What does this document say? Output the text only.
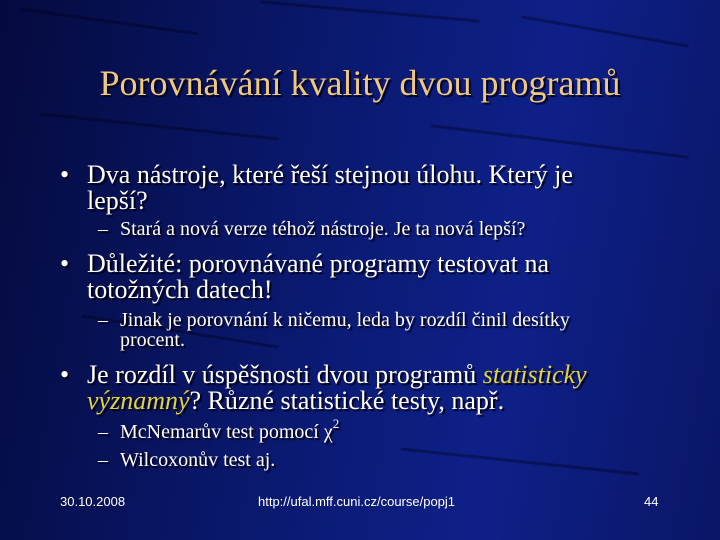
Porovnávání kvality dvou programů
• Dva nástroje, které řeší stejnou úlohu. Který je
lepší?
– Stará a nová verze téhož nástroje. Je ta nová lepší?
• Důležité: porovnávané programy testovat na
totožných datech!
– Jinak je porovnání k ničemu, leda by rozdíl činil desítky
procent.
• Je rozdíl v úspěšnosti dvou programů statisticky
významný? Různé statistické testy, např.
– McNemarův test pomocí $\chi^2$
– Wilcoxonův test aj.
30.10.2008	http://ufal.mff.cuni.cz/course/popj1	44
